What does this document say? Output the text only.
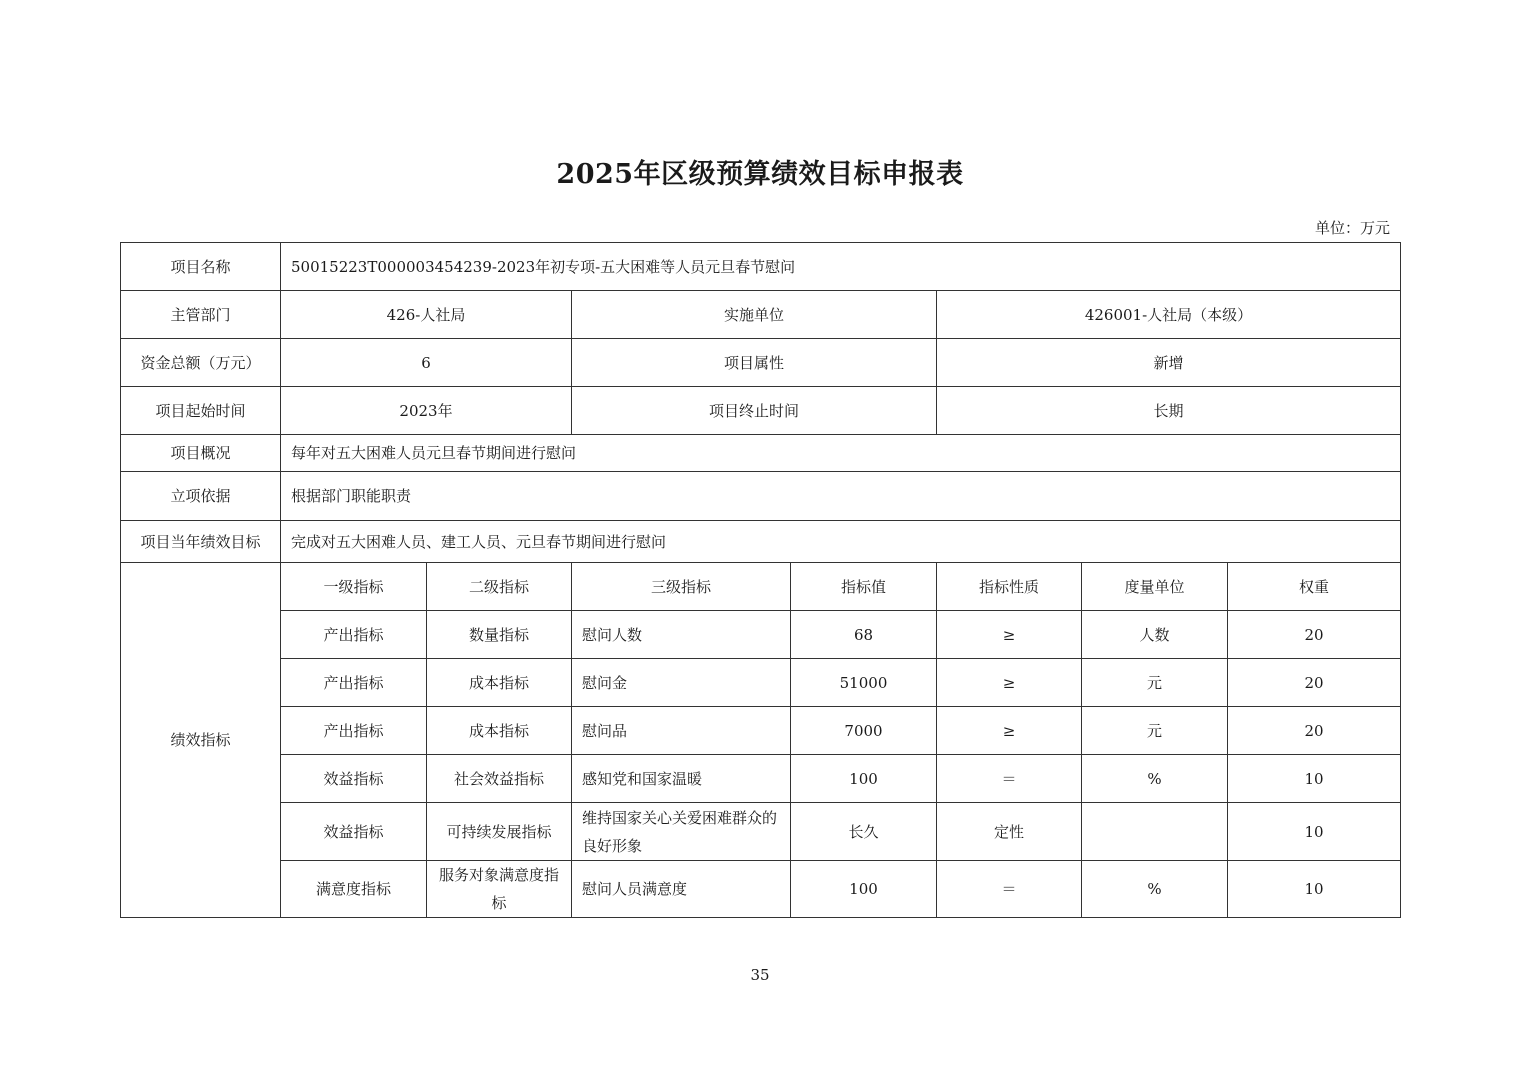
2025年区级预算绩效目标申报表
单位：万元
项目名称	50015223T000003454239-2023年初专项-五大困难等人员元旦春节慰问						
主管部门	426-人社局		实施单位		426001-人社局（本级）		
资金总额（万元）	6		项目属性		新增		
项目起始时间	2023年		项目终止时间		长期		
项目概况	每年对五大困难人员元旦春节期间进行慰问						
立项依据	根据部门职能职责						
项目当年绩效目标	完成对五大困难人员、建工人员、元旦春节期间进行慰问						
绩效指标	一级指标	二级指标	三级指标	指标值	指标性质	度量单位	权重
	产出指标	数量指标	慰问人数	68	≥	人数	20
	产出指标	成本指标	慰问金	51000	≥	元	20
	产出指标	成本指标	慰问品	7000	≥	元	20
	效益指标	社会效益指标	感知党和国家温暖	100	＝	%	10
	效益指标	可持续发展指标	维持国家关心关爱困难群众的良好形象	长久	定性		10
	满意度指标	服务对象满意度指标	慰问人员满意度	100	＝	%	10
35
